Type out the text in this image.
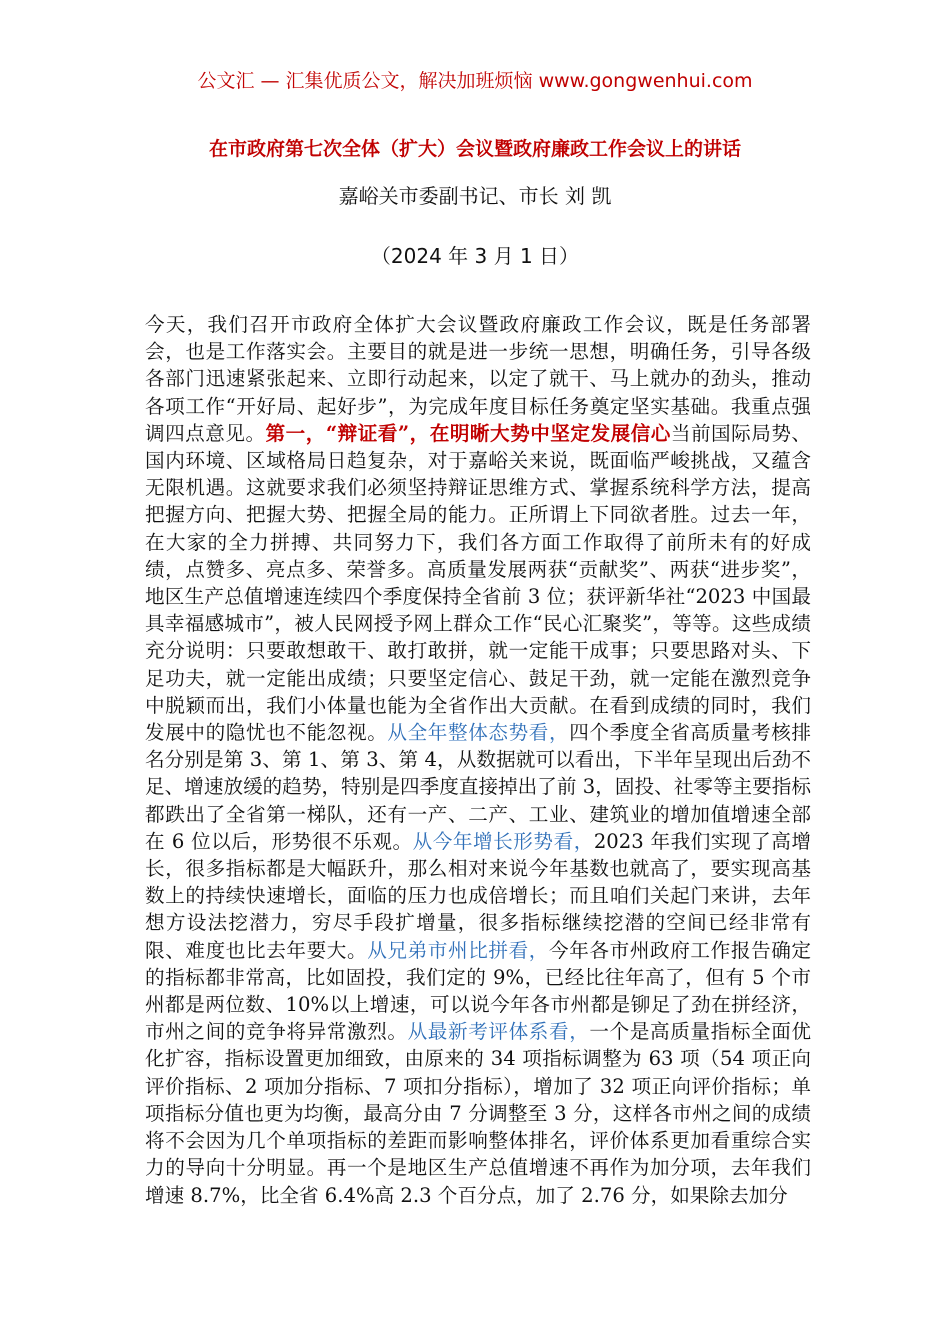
公文汇 — 汇集优质公文，解决加班烦恼 www.gongwenhui.com
在市政府第七次全体（扩大）会议暨政府廉政工作会议上的讲话
嘉峪关市委副书记、市长 刘 凯
（2024 年 3 月 1 日）

今天，我们召开市政府全体扩大会议暨政府廉政工作会议，既是任务部署会，也是工作落实会。主要目的就是进一步统一思想，明确任务，引导各级各部门迅速紧张起来、立即行动起来，以定了就干、马上就办的劲头，推动各项工作“开好局、起好步”，为完成年度目标任务奠定坚实基础。我重点强调四点意见。第一，“辩证看”，在明晰大势中坚定发展信心当前国际局势、国内环境、区域格局日趋复杂，对于嘉峪关来说，既面临严峻挑战，又蕴含无限机遇。这就要求我们必须坚持辩证思维方式、掌握系统科学方法，提高把握方向、把握大势、把握全局的能力。正所谓上下同欲者胜。过去一年，在大家的全力拼搏、共同努力下，我们各方面工作取得了前所未有的好成绩，点赞多、亮点多、荣誉多。高质量发展两获“贡献奖”、两获“进步奖”，地区生产总值增速连续四个季度保持全省前 3 位；获评新华社“2023 中国最具幸福感城市”，被人民网授予网上群众工作“民心汇聚奖”，等等。这些成绩充分说明：只要敢想敢干、敢打敢拼，就一定能干成事；只要思路对头、下足功夫，就一定能出成绩；只要坚定信心、鼓足干劲，就一定能在激烈竞争中脱颖而出，我们小体量也能为全省作出大贡献。在看到成绩的同时，我们发展中的隐忧也不能忽视。从全年整体态势看，四个季度全省高质量考核排名分别是第 3、第 1、第 3、第 4，从数据就可以看出，下半年呈现出后劲不足、增速放缓的趋势，特别是四季度直接掉出了前 3，固投、社零等主要指标都跌出了全省第一梯队，还有一产、二产、工业、建筑业的增加值增速全部在 6 位以后，形势很不乐观。从今年增长形势看，2023 年我们实现了高增长，很多指标都是大幅跃升，那么相对来说今年基数也就高了，要实现高基数上的持续快速增长，面临的压力也成倍增长；而且咱们关起门来讲，去年想方设法挖潜力，穷尽手段扩增量，很多指标继续挖潜的空间已经非常有限、难度也比去年要大。从兄弟市州比拼看，今年各市州政府工作报告确定的指标都非常高，比如固投，我们定的 9%，已经比往年高了，但有 5 个市州都是两位数、10%以上增速，可以说今年各市州都是铆足了劲在拼经济，市州之间的竞争将异常激烈。从最新考评体系看，一个是高质量指标全面优化扩容，指标设置更加细致，由原来的 34 项指标调整为 63 项（54 项正向评价指标、2 项加分指标、7 项扣分指标），增加了 32 项正向评价指标；单项指标分值也更为均衡，最高分由 7 分调整至 3 分，这样各市州之间的成绩将不会因为几个单项指标的差距而影响整体排名，评价体系更加看重综合实力的导向十分明显。再一个是地区生产总值增速不再作为加分项，去年我们增速 8.7%，比全省 6.4%高 2.3 个百分点，加了 2.76 分，如果除去加分
